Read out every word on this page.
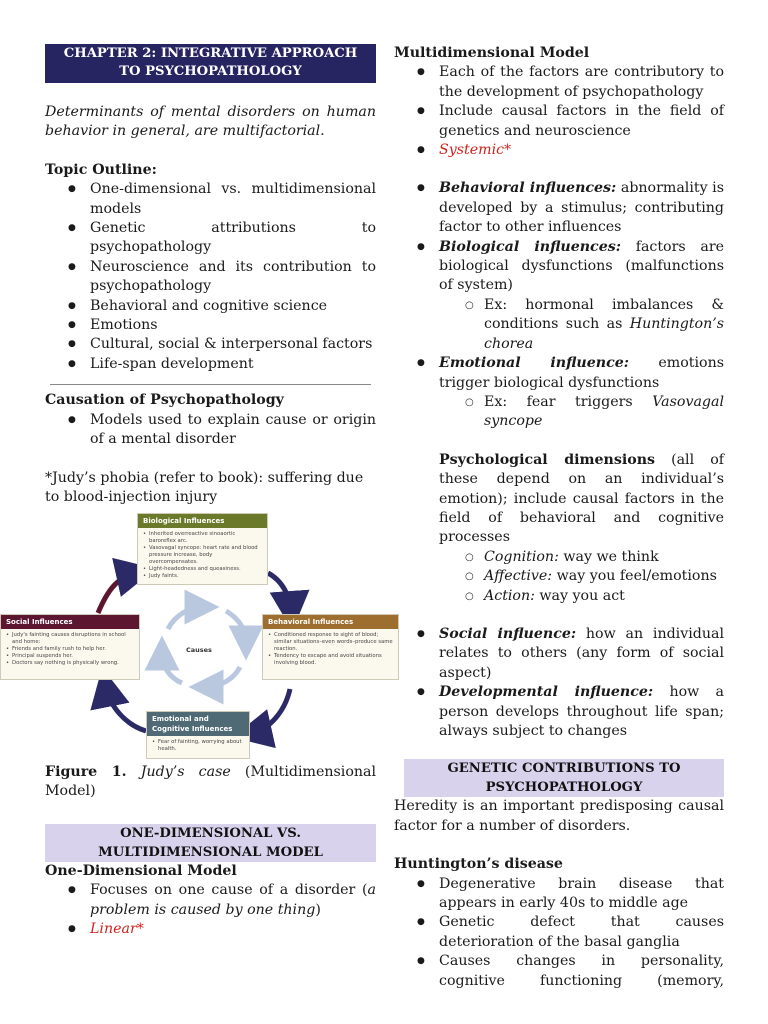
CHAPTER 2: INTEGRATIVE APPROACH TO PSYCHOPATHOLOGY

Determinants of mental disorders on human behavior in general, are multifactorial.

Topic Outline:

● One-dimensional vs. multidimensional models
● Genetic attributions to psychopathology
● Neuroscience and its contribution to psychopathology
● Behavioral and cognitive science
● Emotions
● Cultural, social & interpersonal factors
● Life-span development

Causation of Psychopathology

● Models used to explain cause or origin of a mental disorder

*Judy’s phobia (refer to book): suffering due to blood-injection injury

Causes
Biological Influences
• Inherited overreactive sinoaortic baroreflex arc.
• Vasovagal syncope: heart rate and blood pressure increase, body overcompensates.
• Light-headedness and queasiness.
• Judy faints.
Behavioral Influences
• Conditioned response to sight of blood; similar situations–even words–produce same reaction.
• Tendency to escape and avoid situations involving blood.
Social Influences
• Judy's fainting causes disruptions in school and home:
• Friends and family rush to help her.
• Principal suspends her.
• Doctors say nothing is physically wrong.
Emotional and Cognitive Influences
• Fear of fainting, worrying about health.

Figure 1. Judy’s case (Multidimensional Model)

ONE-DIMENSIONAL VS. MULTIDIMENSIONAL MODEL

One-Dimensional Model

● Focuses on one cause of a disorder (a problem is caused by one thing)
● Linear*

Multidimensional Model

● Each of the factors are contributory to the development of psychopathology
● Include causal factors in the field of genetics and neuroscience
● Systemic*
● Behavioral influences: abnormality is developed by a stimulus; contributing factor to other influences
● Biological influences: factors are biological dysfunctions (malfunctions of system)
○ Ex: hormonal imbalances & conditions such as Huntington’s chorea
● Emotional influence: emotions trigger biological dysfunctions
○ Ex: fear triggers Vasovagal syncope

Psychological dimensions (all of these depend on an individual’s emotion); include causal factors in the field of behavioral and cognitive processes

○ Cognition: way we think
○ Affective: way you feel/emotions
○ Action: way you act
● Social influence: how an individual relates to others (any form of social aspect)
● Developmental influence: how a person develops throughout life span; always subject to changes
GENETIC CONTRIBUTIONS TO PSYCHOPATHOLOGY

Heredity is an important predisposing causal factor for a number of disorders.

Huntington’s disease

● Degenerative brain disease that appears in early 40s to middle age
● Genetic defect that causes deterioration of the basal ganglia
● Causes changes in personality, cognitive functioning (memory,
